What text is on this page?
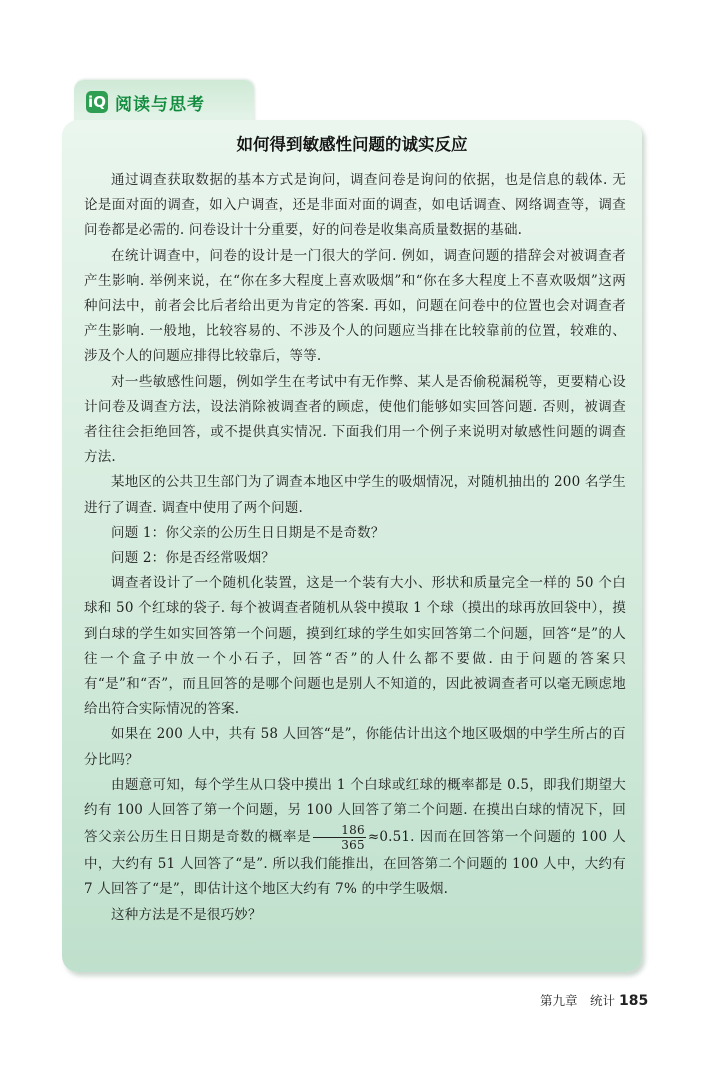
iQ 阅读与思考
如何得到敏感性问题的诚实反应

通过调查获取数据的基本方式是询问，调查问卷是询问的依据，也是信息的载体. 无论是面对面的调查，如入户调查，还是非面对面的调查，如电话调查、网络调查等，调查问卷都是必需的. 问卷设计十分重要，好的问卷是收集高质量数据的基础.

在统计调查中，问卷的设计是一门很大的学问. 例如，调查问题的措辞会对被调查者产生影响. 举例来说，在“你在多大程度上喜欢吸烟”和“你在多大程度上不喜欢吸烟”这两种问法中，前者会比后者给出更为肯定的答案. 再如，问题在问卷中的位置也会对调查者产生影响. 一般地，比较容易的、不涉及个人的问题应当排在比较靠前的位置，较难的、涉及个人的问题应排得比较靠后，等等.

对一些敏感性问题，例如学生在考试中有无作弊、某人是否偷税漏税等，更要精心设计问卷及调查方法，设法消除被调查者的顾虑，使他们能够如实回答问题. 否则，被调查者往往会拒绝回答，或不提供真实情况. 下面我们用一个例子来说明对敏感性问题的调查方法.

某地区的公共卫生部门为了调查本地区中学生的吸烟情况，对随机抽出的 200 名学生进行了调查. 调查中使用了两个问题.

问题 1：你父亲的公历生日日期是不是奇数？

问题 2：你是否经常吸烟？

调查者设计了一个随机化装置，这是一个装有大小、形状和质量完全一样的 50 个白球和 50 个红球的袋子. 每个被调查者随机从袋中摸取 1 个球（摸出的球再放回袋中），摸到白球的学生如实回答第一个问题，摸到红球的学生如实回答第二个问题，回答“是”的人往一个盒子中放一个小石子，回答“否”的人什么都不要做. 由于问题的答案只有“是”和“否”，而且回答的是哪个问题也是别人不知道的，因此被调查者可以毫无顾虑地给出符合实际情况的答案.

如果在 200 人中，共有 58 人回答“是”，你能估计出这个地区吸烟的中学生所占的百分比吗？

由题意可知，每个学生从口袋中摸出 1 个白球或红球的概率都是 0.5，即我们期望大约有 100 人回答了第一个问题，另 100 人回答了第二个问题. 在摸出白球的情况下，回答父亲公历生日日期是奇数的概率是 $\frac{186}{365} \approx 0.51$. 因而在回答第一个问题的 100 人中，大约有 51 人回答了“是”. 所以我们能推出，在回答第二个问题的 100 人中，大约有 7 人回答了“是”，即估计这个地区大约有 7% 的中学生吸烟.

这种方法是不是很巧妙？

第九章　统计 185
